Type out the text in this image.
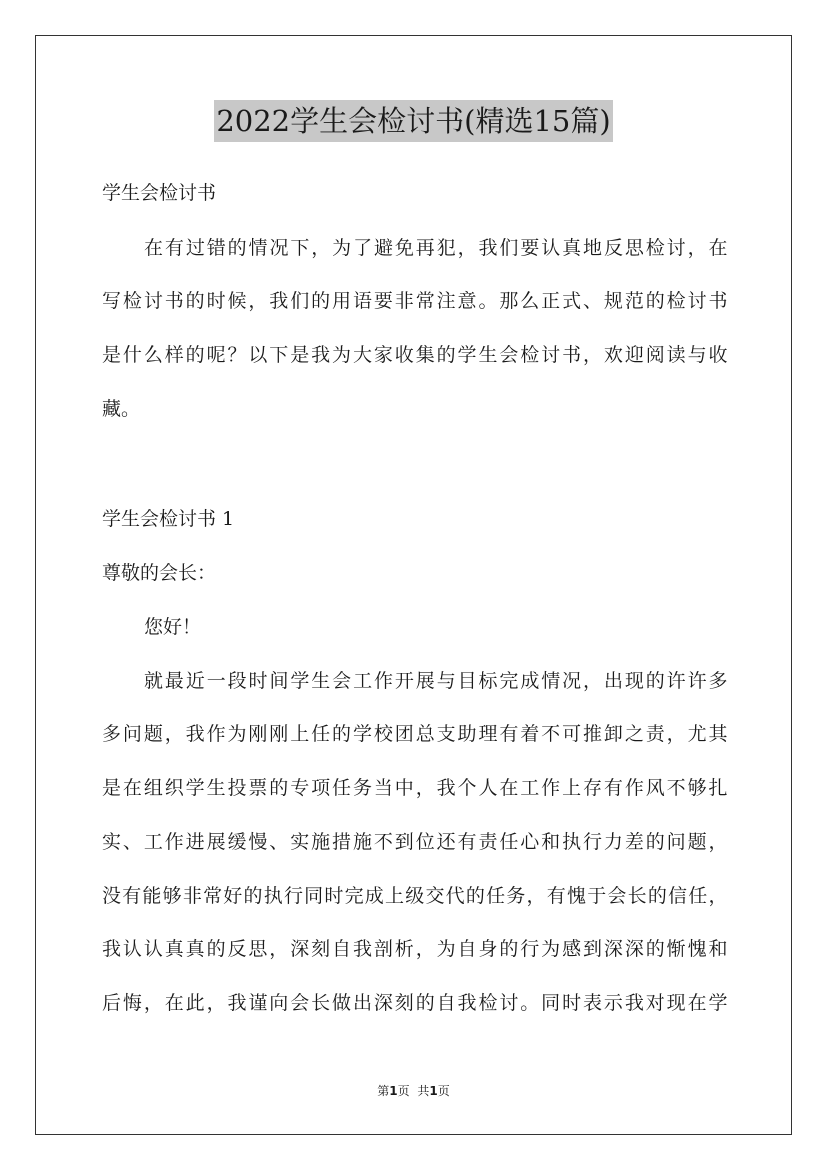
2022学生会检讨书(精选15篇)
学生会检讨书
在有过错的情况下，为了避免再犯，我们要认真地反思检讨，在
写检讨书的时候，我们的用语要非常注意。那么正式、规范的检讨书
是什么样的呢？以下是我为大家收集的学生会检讨书，欢迎阅读与收
藏。
学生会检讨书 1
尊敬的会长：
您好！
就最近一段时间学生会工作开展与目标完成情况，出现的许许多
多问题，我作为刚刚上任的学校团总支助理有着不可推卸之责，尤其
是在组织学生投票的专项任务当中，我个人在工作上存有作风不够扎
实、工作进展缓慢、实施措施不到位还有责任心和执行力差的问题，
没有能够非常好的执行同时完成上级交代的任务，有愧于会长的信任，
我认认真真的反思，深刻自我剖析，为自身的行为感到深深的惭愧和
后悔，在此，我谨向会长做出深刻的自我检讨。同时表示我对现在学
第1页 共1页
